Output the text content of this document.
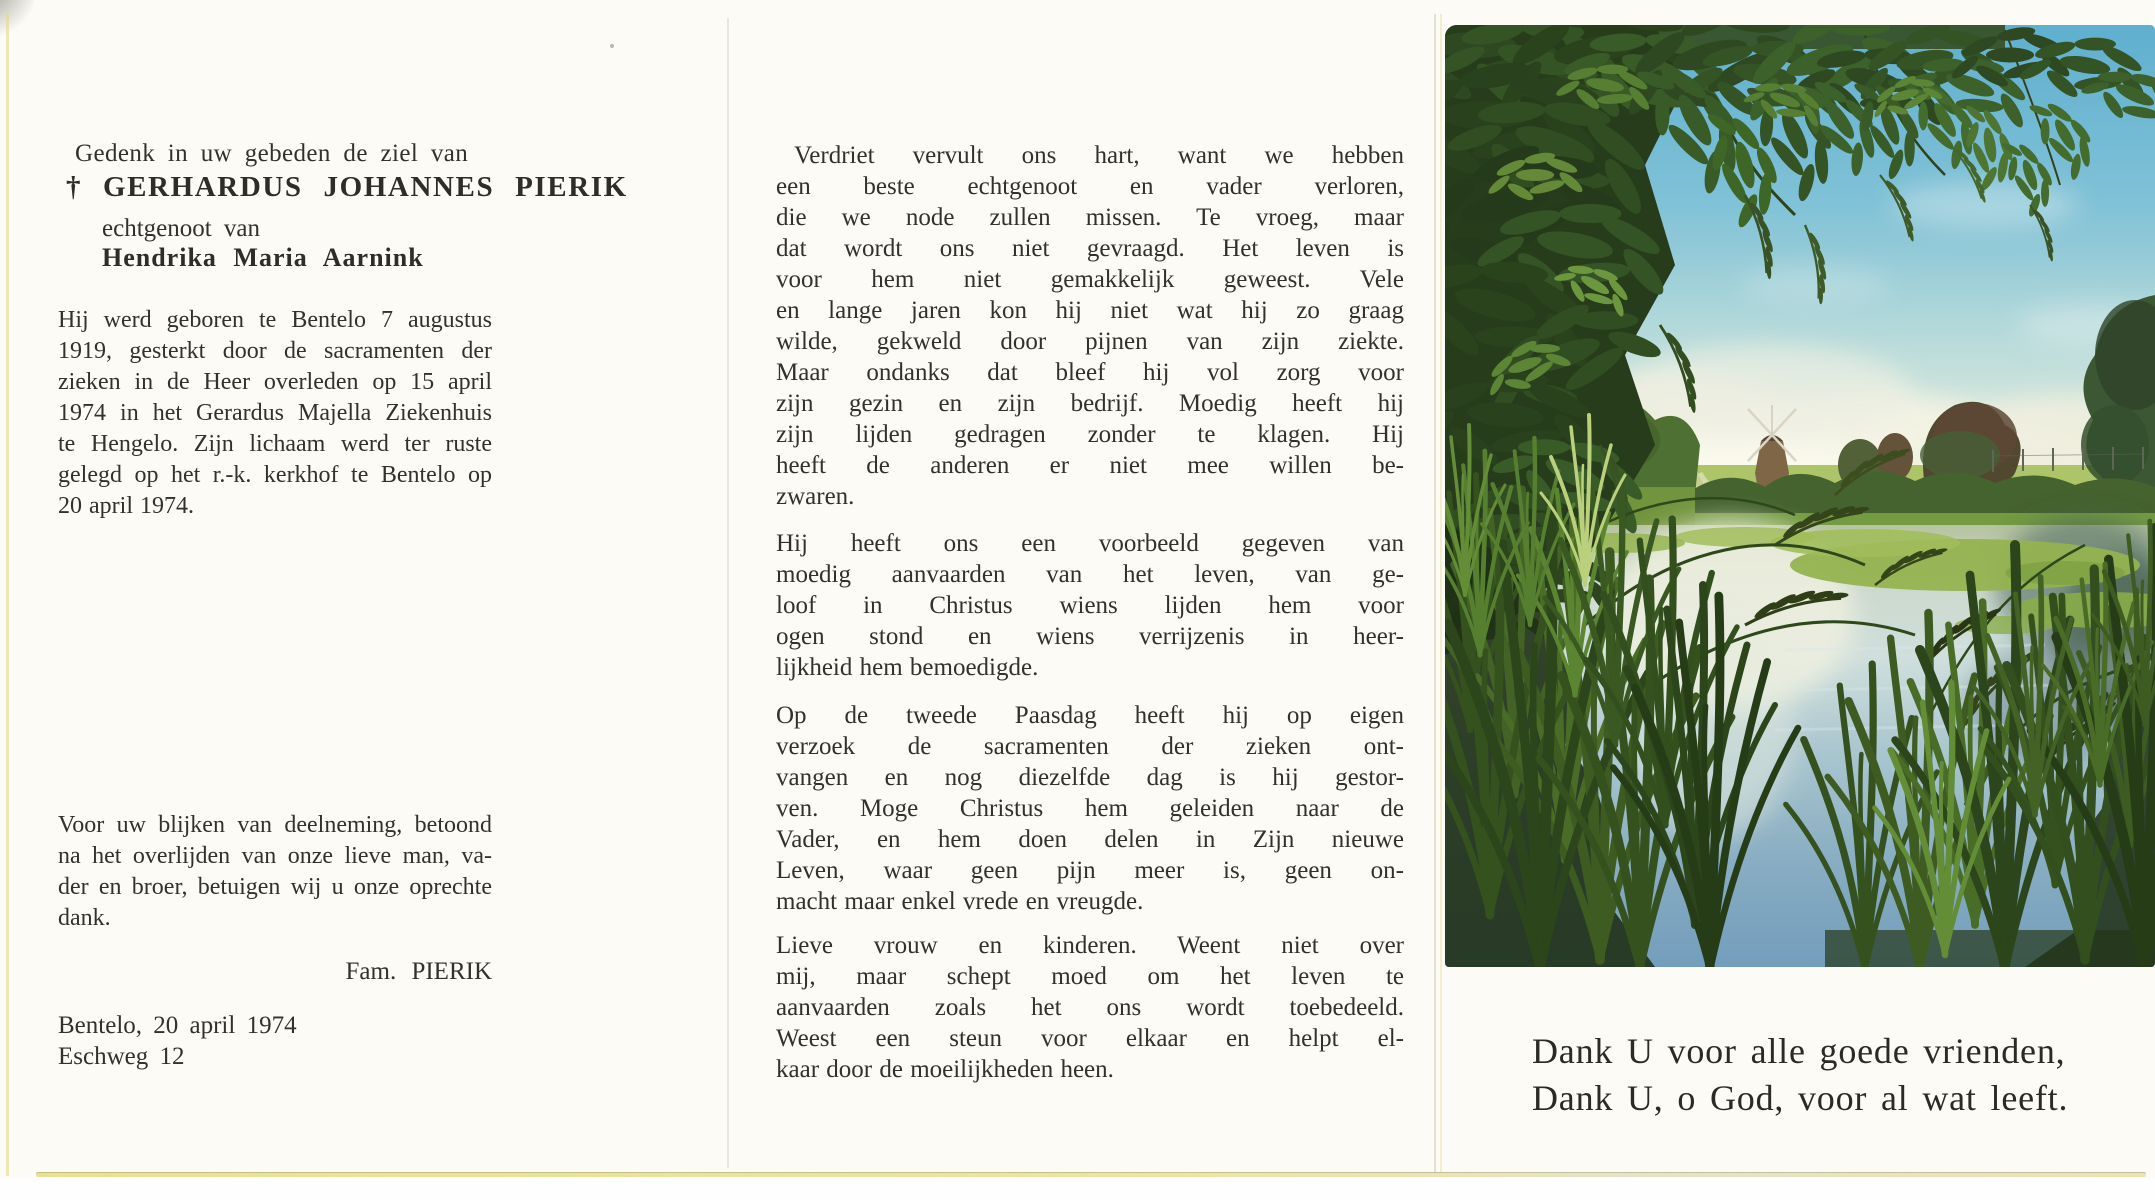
Gedenk in uw gebeden de ziel van
† GERHARDUS JOHANNES PIERIK
echtgenoot van
Hendrika Maria Aarnink
Hij werd geboren te Bentelo 7 augustus
1919, gesterkt door de sacramenten der
zieken in de Heer overleden op 15 april
1974 in het Gerardus Majella Ziekenhuis
te Hengelo. Zijn lichaam werd ter ruste
gelegd op het r.-k. kerkhof te Bentelo op
20 april 1974.
Voor uw blijken van deelneming, betoond
na het overlijden van onze lieve man, va-
der en broer, betuigen wij u onze oprechte
dank.
Fam. PIERIK
Bentelo, 20 april 1974
Eschweg 12
Verdriet vervult ons hart, want we hebben
een beste echtgenoot en vader verloren,
die we node zullen missen. Te vroeg, maar
dat wordt ons niet gevraagd. Het leven is
voor hem niet gemakkelijk geweest. Vele
en lange jaren kon hij niet wat hij zo graag
wilde, gekweld door pijnen van zijn ziekte.
Maar ondanks dat bleef hij vol zorg voor
zijn gezin en zijn bedrijf. Moedig heeft hij
zijn lijden gedragen zonder te klagen. Hij
heeft de anderen er niet mee willen be-
zwaren.
Hij heeft ons een voorbeeld gegeven van
moedig aanvaarden van het leven, van ge-
loof in Christus wiens lijden hem voor
ogen stond en wiens verrijzenis in heer-
lijkheid hem bemoedigde.
Op de tweede Paasdag heeft hij op eigen
verzoek de sacramenten der zieken ont-
vangen en nog diezelfde dag is hij gestor-
ven. Moge Christus hem geleiden naar de
Vader, en hem doen delen in Zijn nieuwe
Leven, waar geen pijn meer is, geen on-
macht maar enkel vrede en vreugde.
Lieve vrouw en kinderen. Weent niet over
mij, maar schept moed om het leven te
aanvaarden zoals het ons wordt toebedeeld.
Weest een steun voor elkaar en helpt el-
kaar door de moeilijkheden heen.	Dank U voor alle goede vrienden,
Dank U, o God, voor al wat leeft.
